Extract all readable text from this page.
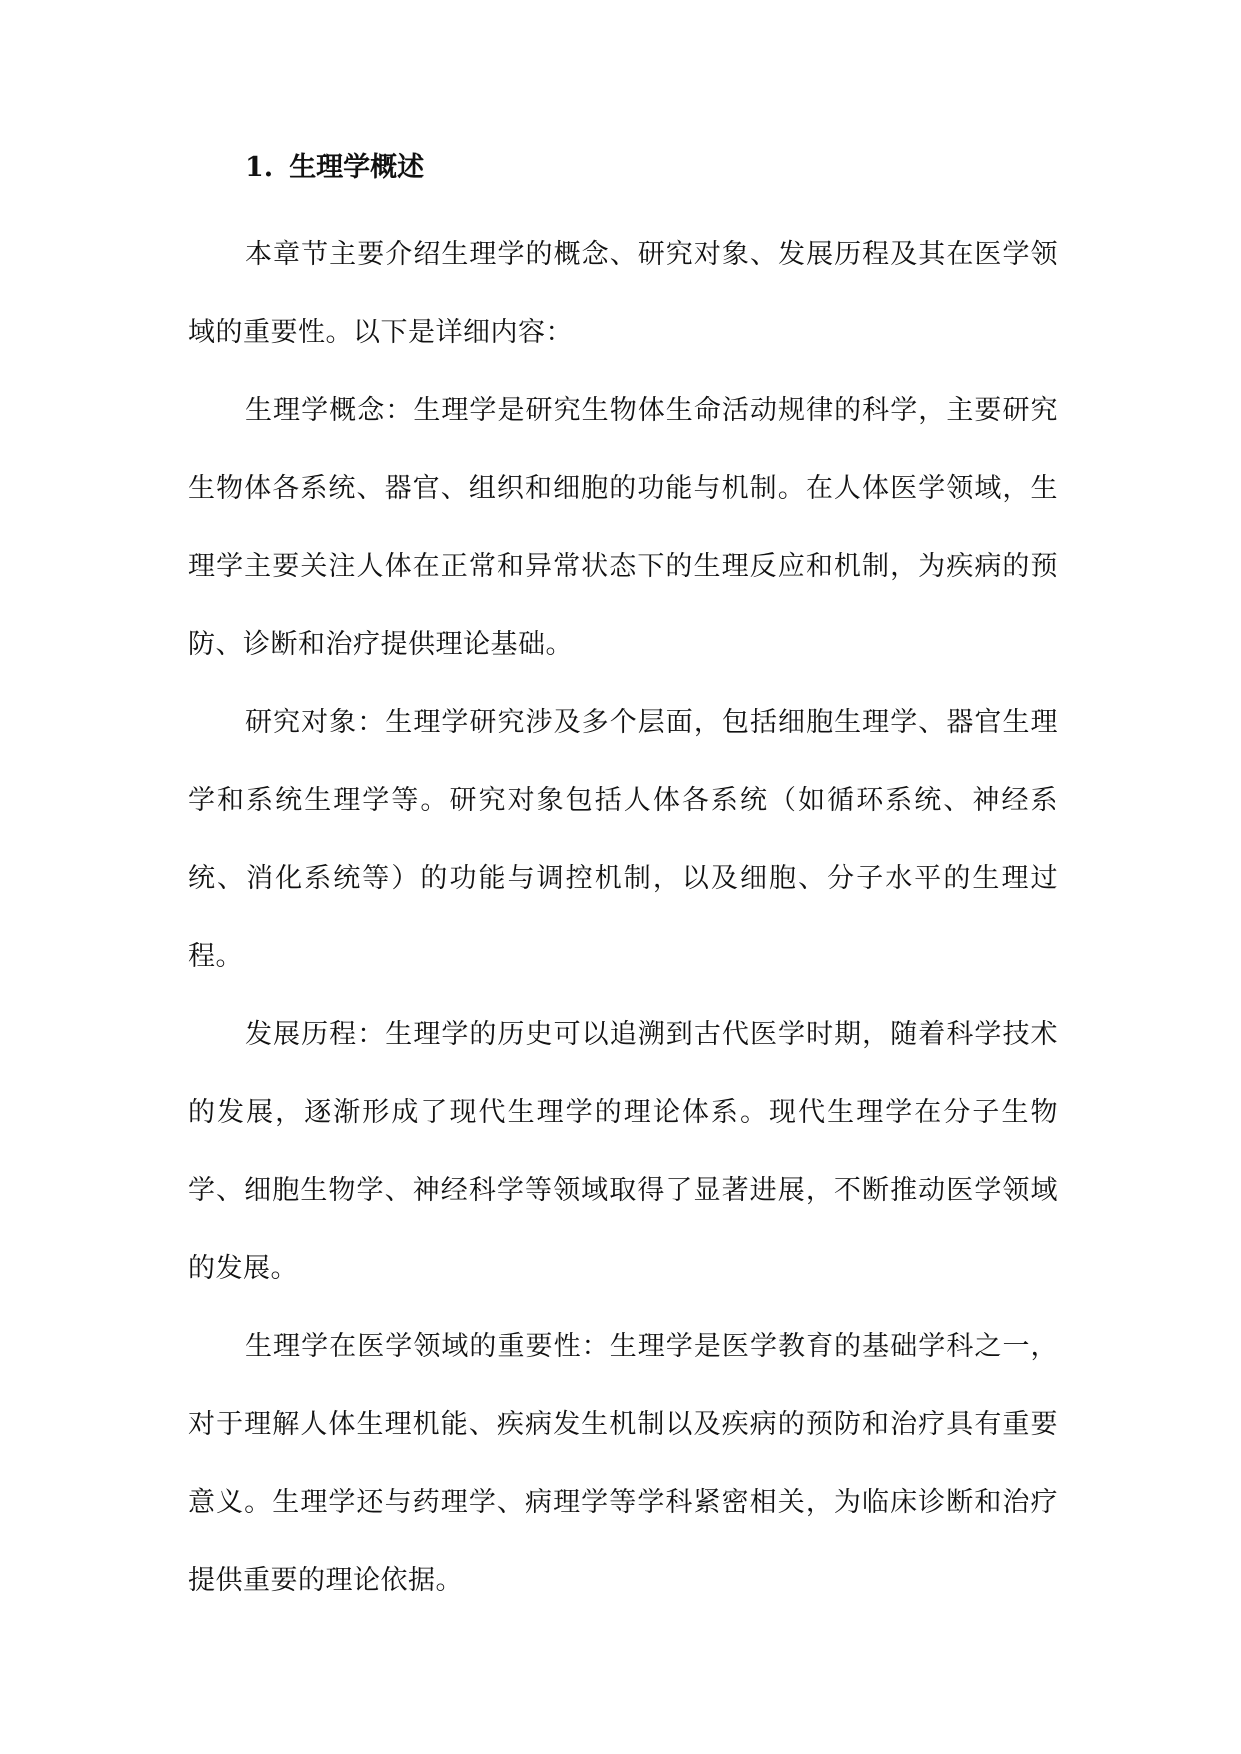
1. 生理学概述

本章节主要介绍生理学的概念、研究对象、发展历程及其在医学领域的重要性。以下是详细内容：

生理学概念：生理学是研究生物体生命活动规律的科学，主要研究生物体各系统、器官、组织和细胞的功能与机制。在人体医学领域，生理学主要关注人体在正常和异常状态下的生理反应和机制，为疾病的预防、诊断和治疗提供理论基础。

研究对象：生理学研究涉及多个层面，包括细胞生理学、器官生理学和系统生理学等。研究对象包括人体各系统（如循环系统、神经系统、消化系统等）的功能与调控机制，以及细胞、分子水平的生理过程。

发展历程：生理学的历史可以追溯到古代医学时期，随着科学技术的发展，逐渐形成了现代生理学的理论体系。现代生理学在分子生物学、细胞生物学、神经科学等领域取得了显著进展，不断推动医学领域的发展。

生理学在医学领域的重要性：生理学是医学教育的基础学科之一，对于理解人体生理机能、疾病发生机制以及疾病的预防和治疗具有重要意义。生理学还与药理学、病理学等学科紧密相关，为临床诊断和治疗提供重要的理论依据。
